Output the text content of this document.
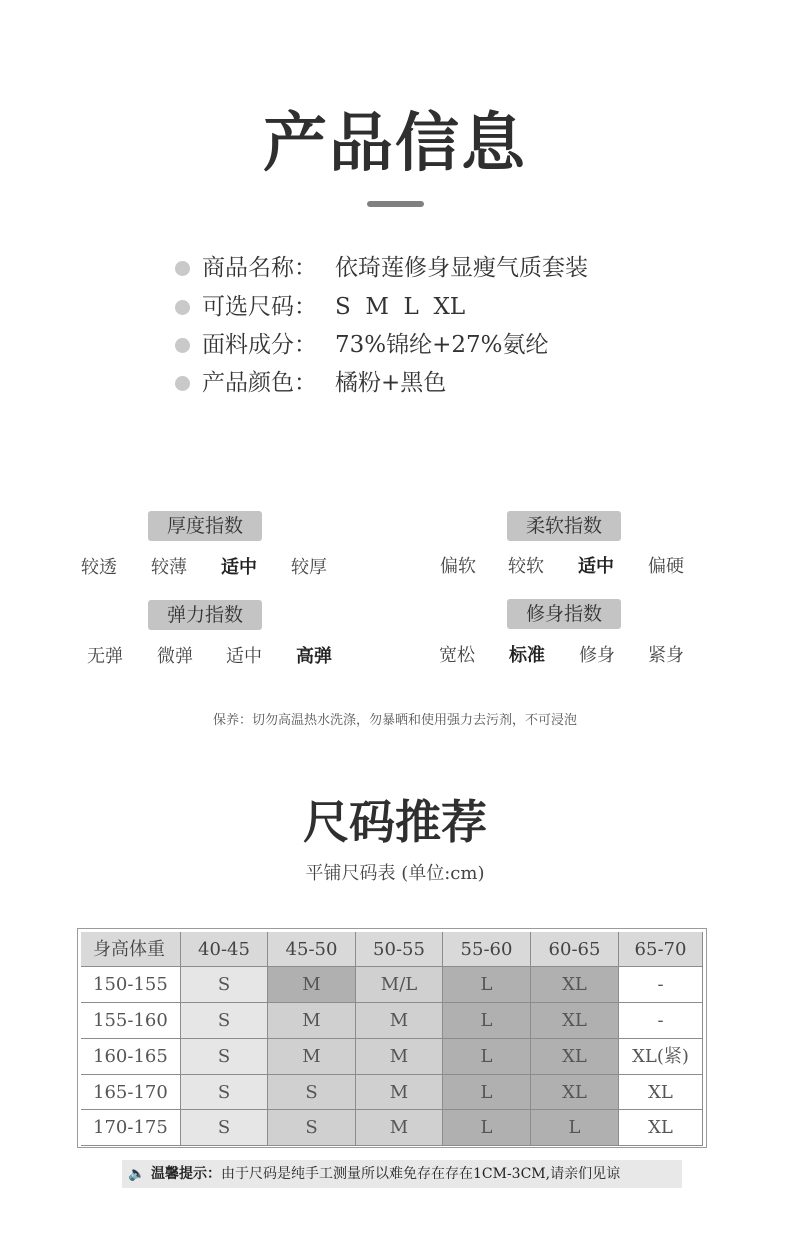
产品信息
商品名称： 依琦莲修身显瘦气质套装
可选尺码： S  M  L  XL
面料成分： 73%锦纶+27%氨纶
产品颜色： 橘粉+黑色
厚度指数
较透 较薄 适中 较厚
柔软指数
偏软 较软 适中 偏硬
弹力指数
无弹 微弹 适中 高弹
修身指数
宽松 标准 修身 紧身
保养：切勿高温热水洗涤，勿暴晒和使用强力去污剂，不可浸泡
尺码推荐
平铺尺码表 (单位:cm)
身高体重	40-45	45-50	50-55	55-60	60-65	65-70
150-155	S	M	M/L	L	XL	-
155-160	S	M	M	L	XL	-
160-165	S	M	M	L	XL	XL(紧)
165-170	S	S	M	L	XL	XL
170-175	S	S	M	L	L	XL
🔈 温馨提示：由于尺码是纯手工测量所以难免存在存在1CM-3CM,请亲们见谅
